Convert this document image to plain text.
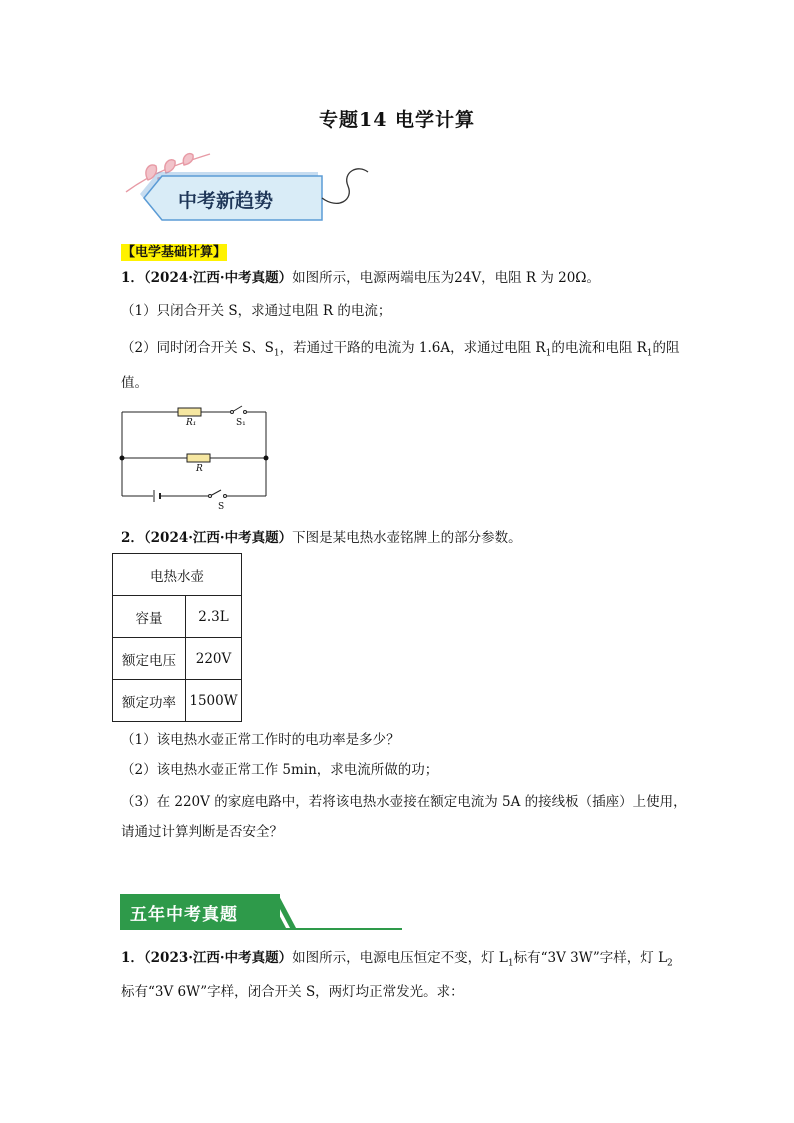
专题14 电学计算
中考新趋势
【电学基础计算】
1．（2024·江西·中考真题）如图所示，电源两端电压为24V，电阻 R 为 20Ω。
（1）只闭合开关 S，求通过电阻 R 的电流；
（2）同时闭合开关 S、$S_1$，若通过干路的电流为 1.6A，求通过电阻 $R_1$的电流和电阻 $R_1$的阻
值。
R₁	S₁
R
S
2．（2024·江西·中考真题）下图是某电热水壶铭牌上的部分参数。
电热水壶	
容量	2.3L
额定电压	220V
额定功率	1500W
（1）该电热水壶正常工作时的电功率是多少？
（2）该电热水壶正常工作 5min，求电流所做的功；
（3）在 220V 的家庭电路中，若将该电热水壶接在额定电流为 5A 的接线板（插座）上使用，
请通过计算判断是否安全？
五年中考真题
1．（2023·江西·中考真题）如图所示，电源电压恒定不变，灯 $L_1$标有“3V 3W”字样，灯 $L_2$
标有“3V 6W”字样，闭合开关 S，两灯均正常发光。求：
